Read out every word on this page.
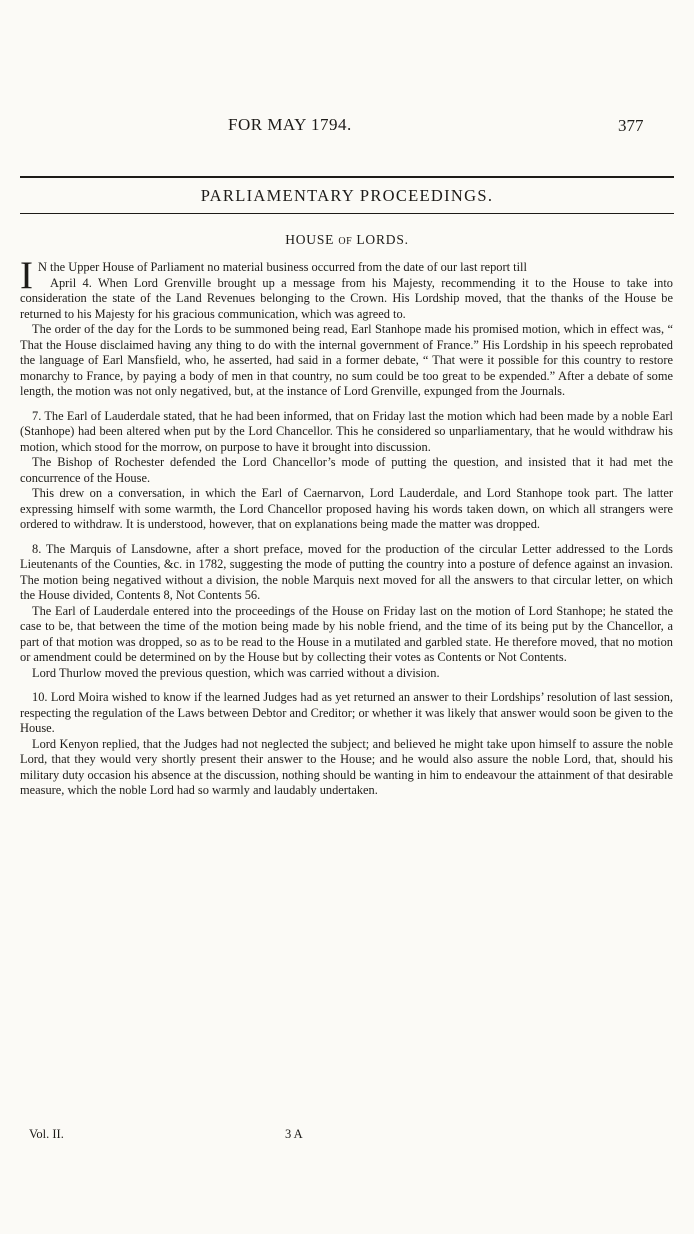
FOR MAY 1794.	377
PARLIAMENTARY PROCEEDINGS.
HOUSE OF LORDS.

I N the Upper House of Parliament no material business occurred from the date of our last report till

April 4. When Lord Grenville brought up a message from his Majesty, recommending it to the House to take into consideration the state of the Land Revenues belonging to the Crown. His Lordship moved, that the thanks of the House be returned to his Majesty for his gracious communication, which was agreed to.

The order of the day for the Lords to be summoned being read, Earl Stanhope made his promised motion, which in effect was, “ That the House disclaimed having any thing to do with the internal government of France.” His Lordship in his speech reprobated the language of Earl Mansfield, who, he asserted, had said in a former debate, “ That were it possible for this country to restore monarchy to France, by paying a body of men in that country, no sum could be too great to be expended.” After a debate of some length, the motion was not only negatived, but, at the instance of Lord Grenville, expunged from the Journals.

7. The Earl of Lauderdale stated, that he had been informed, that on Friday last the motion which had been made by a noble Earl (Stanhope) had been altered when put by the Lord Chancellor. This he considered so unparliamentary, that he would withdraw his motion, which stood for the morrow, on purpose to have it brought into discussion.

The Bishop of Rochester defended the Lord Chancellor’s mode of putting the question, and insisted that it had met the concurrence of the House.

This drew on a conversation, in which the Earl of Caernarvon, Lord Lauderdale, and Lord Stanhope took part. The latter expressing himself with some warmth, the Lord Chancellor proposed having his words taken down, on which all strangers were ordered to withdraw. It is understood, however, that on explanations being made the matter was dropped.

8. The Marquis of Lansdowne, after a short preface, moved for the production of the circular Letter addressed to the Lords Lieutenants of the Counties, &c. in 1782, suggesting the mode of putting the country into a posture of defence against an invasion. The motion being negatived without a division, the noble Marquis next moved for all the answers to that circular letter, on which the House divided, Contents 8, Not Contents 56.

The Earl of Lauderdale entered into the proceedings of the House on Friday last on the motion of Lord Stanhope; he stated the case to be, that between the time of the motion being made by his noble friend, and the time of its being put by the Chancellor, a part of that motion was dropped, so as to be read to the House in a mutilated and garbled state. He therefore moved, that no motion or amendment could be determined on by the House but by collecting their votes as Contents or Not Contents.

Lord Thurlow moved the previous question, which was carried without a division.

10. Lord Moira wished to know if the learned Judges had as yet returned an answer to their Lordships’ resolution of last session, respecting the regulation of the Laws between Debtor and Creditor; or whether it was likely that answer would soon be given to the House.

Lord Kenyon replied, that the Judges had not neglected the subject; and believed he might take upon himself to assure the noble Lord, that they would very shortly present their answer to the House; and he would also assure the noble Lord, that, should his military duty occasion his absence at the discussion, nothing should be wanting in him to endeavour the attainment of that desirable measure, which the noble Lord had so warmly and laudably undertaken.

Vol. II.	3 A
